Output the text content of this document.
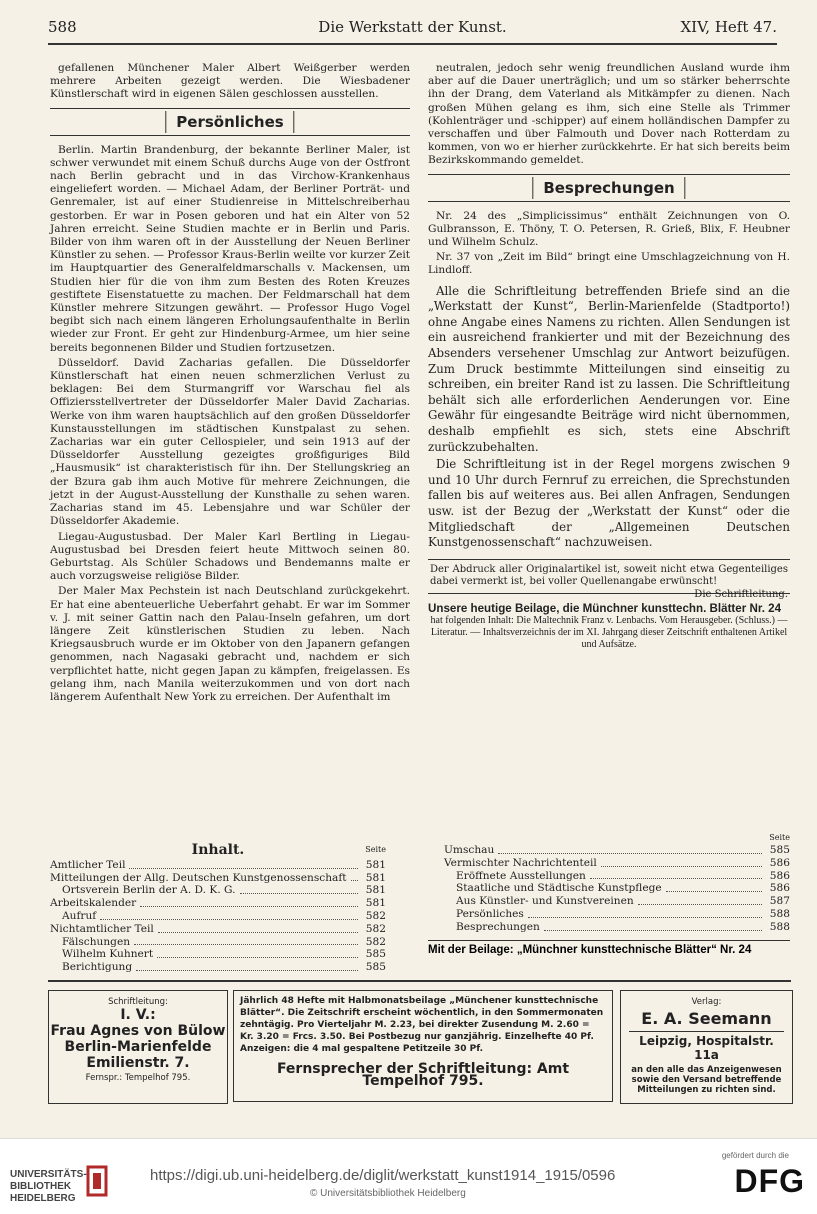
588	Die Werkstatt der Kunst.	XIV, Heft 47.

gefallenen Münchener Maler Albert Weißgerber werden mehrere Arbeiten gezeigt werden. Die Wiesbadener Künstlerschaft wird in eigenen Sälen geschlossen ausstellen.

Persönliches

Berlin. Martin Brandenburg, der bekannte Berliner Maler, ist schwer verwundet mit einem Schuß durchs Auge von der Ostfront nach Berlin gebracht und in das Virchow-Krankenhaus eingeliefert worden. — Michael Adam, der Berliner Porträt- und Genremaler, ist auf einer Studienreise in Mittelschreiberhau gestorben. Er war in Posen geboren und hat ein Alter von 52 Jahren erreicht. Seine Studien machte er in Berlin und Paris. Bilder von ihm waren oft in der Ausstellung der Neuen Berliner Künstler zu sehen. — Professor Kraus-Berlin weilte vor kurzer Zeit im Hauptquartier des Generalfeldmarschalls v. Mackensen, um Studien hier für die von ihm zum Besten des Roten Kreuzes gestiftete Eisenstatuette zu machen. Der Feldmarschall hat dem Künstler mehrere Sitzungen gewährt. — Professor Hugo Vogel begibt sich nach einem längeren Erholungsaufenthalte in Berlin wieder zur Front. Er geht zur Hindenburg-Armee, um hier seine bereits begonnenen Bilder und Studien fortzusetzen.

Düsseldorf. David Zacharias gefallen. Die Düsseldorfer Künstlerschaft hat einen neuen schmerzlichen Verlust zu beklagen: Bei dem Sturmangriff vor Warschau fiel als Offiziersstellvertreter der Düsseldorfer Maler David Zacharias. Werke von ihm waren hauptsächlich auf den großen Düsseldorfer Kunstausstellungen im städtischen Kunstpalast zu sehen. Zacharias war ein guter Cellospieler, und sein 1913 auf der Düsseldorfer Ausstellung gezeigtes großfiguriges Bild „Hausmusik“ ist charakteristisch für ihn. Der Stellungskrieg an der Bzura gab ihm auch Motive für mehrere Zeichnungen, die jetzt in der August-Ausstellung der Kunsthalle zu sehen waren. Zacharias stand im 45. Lebensjahre und war Schüler der Düsseldorfer Akademie.

Liegau-Augustusbad. Der Maler Karl Bertling in Liegau-Augustusbad bei Dresden feiert heute Mittwoch seinen 80. Geburtstag. Als Schüler Schadows und Bendemanns malte er auch vorzugsweise religiöse Bilder.

Der Maler Max Pechstein ist nach Deutschland zurückgekehrt. Er hat eine abenteuerliche Ueberfahrt gehabt. Er war im Sommer v. J. mit seiner Gattin nach den Palau-Inseln gefahren, um dort längere Zeit künstlerischen Studien zu leben. Nach Kriegsausbruch wurde er im Oktober von den Japanern gefangen genommen, nach Nagasaki gebracht und, nachdem er sich verpflichtet hatte, nicht gegen Japan zu kämpfen, freigelassen. Es gelang ihm, nach Manila weiterzukommen und von dort nach längerem Aufenthalt New York zu erreichen. Der Aufenthalt im

neutralen, jedoch sehr wenig freundlichen Ausland wurde ihm aber auf die Dauer unerträglich; und um so stärker beherrschte ihn der Drang, dem Vaterland als Mitkämpfer zu dienen. Nach großen Mühen gelang es ihm, sich eine Stelle als Trimmer (Kohlenträger und -schipper) auf einem holländischen Dampfer zu verschaffen und über Falmouth und Dover nach Rotterdam zu kommen, von wo er hierher zurückkehrte. Er hat sich bereits beim Bezirkskommando gemeldet.

Besprechungen

Nr. 24 des „Simplicissimus“ enthält Zeichnungen von O. Gulbransson, E. Thöny, T. O. Petersen, R. Grieß, Blix, F. Heubner und Wilhelm Schulz.

Nr. 37 von „Zeit im Bild“ bringt eine Umschlagzeichnung von H. Lindloff.

Alle die Schriftleitung betreffenden Briefe sind an die „Werkstatt der Kunst“, Berlin-Marienfelde (Stadtporto!) ohne Angabe eines Namens zu richten. Allen Sendungen ist ein ausreichend frankierter und mit der Bezeichnung des Absenders versehener Umschlag zur Antwort beizufügen. Zum Druck bestimmte Mitteilungen sind einseitig zu schreiben, ein breiter Rand ist zu lassen. Die Schriftleitung behält sich alle erforderlichen Aenderungen vor. Eine Gewähr für eingesandte Beiträge wird nicht übernommen, deshalb empfiehlt es sich, stets eine Abschrift zurückzubehalten.

Die Schriftleitung ist in der Regel morgens zwischen 9 und 10 Uhr durch Fernruf zu erreichen, die Sprechstunden fallen bis auf weiteres aus. Bei allen Anfragen, Sendungen usw. ist der Bezug der „Werkstatt der Kunst“ oder die Mitgliedschaft der „Allgemeinen Deutschen Kunstgenossenschaft“ nachzuweisen.

Der Abdruck aller Originalartikel ist, soweit nicht etwa Gegenteiliges dabei vermerkt ist, bei voller Quellenangabe erwünscht!
Die Schriftleitung.
Unsere heutige Beilage, die Münchner kunsttechn. Blätter Nr. 24
hat folgenden Inhalt: Die Maltechnik Franz v. Lenbachs. Vom Herausgeber. (Schluss.) — Literatur. — Inhaltsverzeichnis der im XI. Jahrgang dieser Zeitschrift enthaltenen Artikel und Aufsätze.
Inhalt.	Seite
Amtlicher Teil	581
Mitteilungen der Allg. Deutschen Kunstgenossenschaft	581
Ortsverein Berlin der A. D. K. G.	581
Arbeitskalender	581
Aufruf	582
Nichtamtlicher Teil	582
Fälschungen	582
Wilhelm Kuhnert	585
Berichtigung	585
Seite
Umschau	585
Vermischter Nachrichtenteil	586
Eröffnete Ausstellungen	586
Staatliche und Städtische Kunstpflege	586
Aus Künstler- und Kunstvereinen	587
Persönliches	588
Besprechungen	588
Mit der Beilage: „Münchner kunsttechnische Blätter“ Nr. 24
Schriftleitung:
I. V.:
Frau Agnes von Bülow
Berlin-Marienfelde
Emilienstr. 7.
Fernspr.: Tempelhof 795.
Jährlich 48 Hefte mit Halbmonatsbeilage „Münchener kunsttechnische Blätter“. Die Zeitschrift erscheint wöchentlich, in den Sommermonaten zehntägig. Pro Vierteljahr M. 2.23, bei direkter Zusendung M. 2.60 = Kr. 3.20 = Frcs. 3.50. Bei Postbezug nur ganzjährig. Einzelhefte 40 Pf. Anzeigen: die 4 mal gespaltene Petitzeile 30 Pf.
Fernsprecher der Schriftleitung: Amt Tempelhof 795.
Verlag:
E. A. Seemann
Leipzig, Hospitalstr. 11a
an den alle das Anzeigenwesen sowie den Versand betreffende Mitteilungen zu richten sind.
UNIVERSITÄTS-BIBLIOTHEK HEIDELBERG
https://digi.ub.uni-heidelberg.de/diglit/werkstatt_kunst1914_1915/0596
© Universitätsbibliothek Heidelberg
gefördert durch die
DFG
